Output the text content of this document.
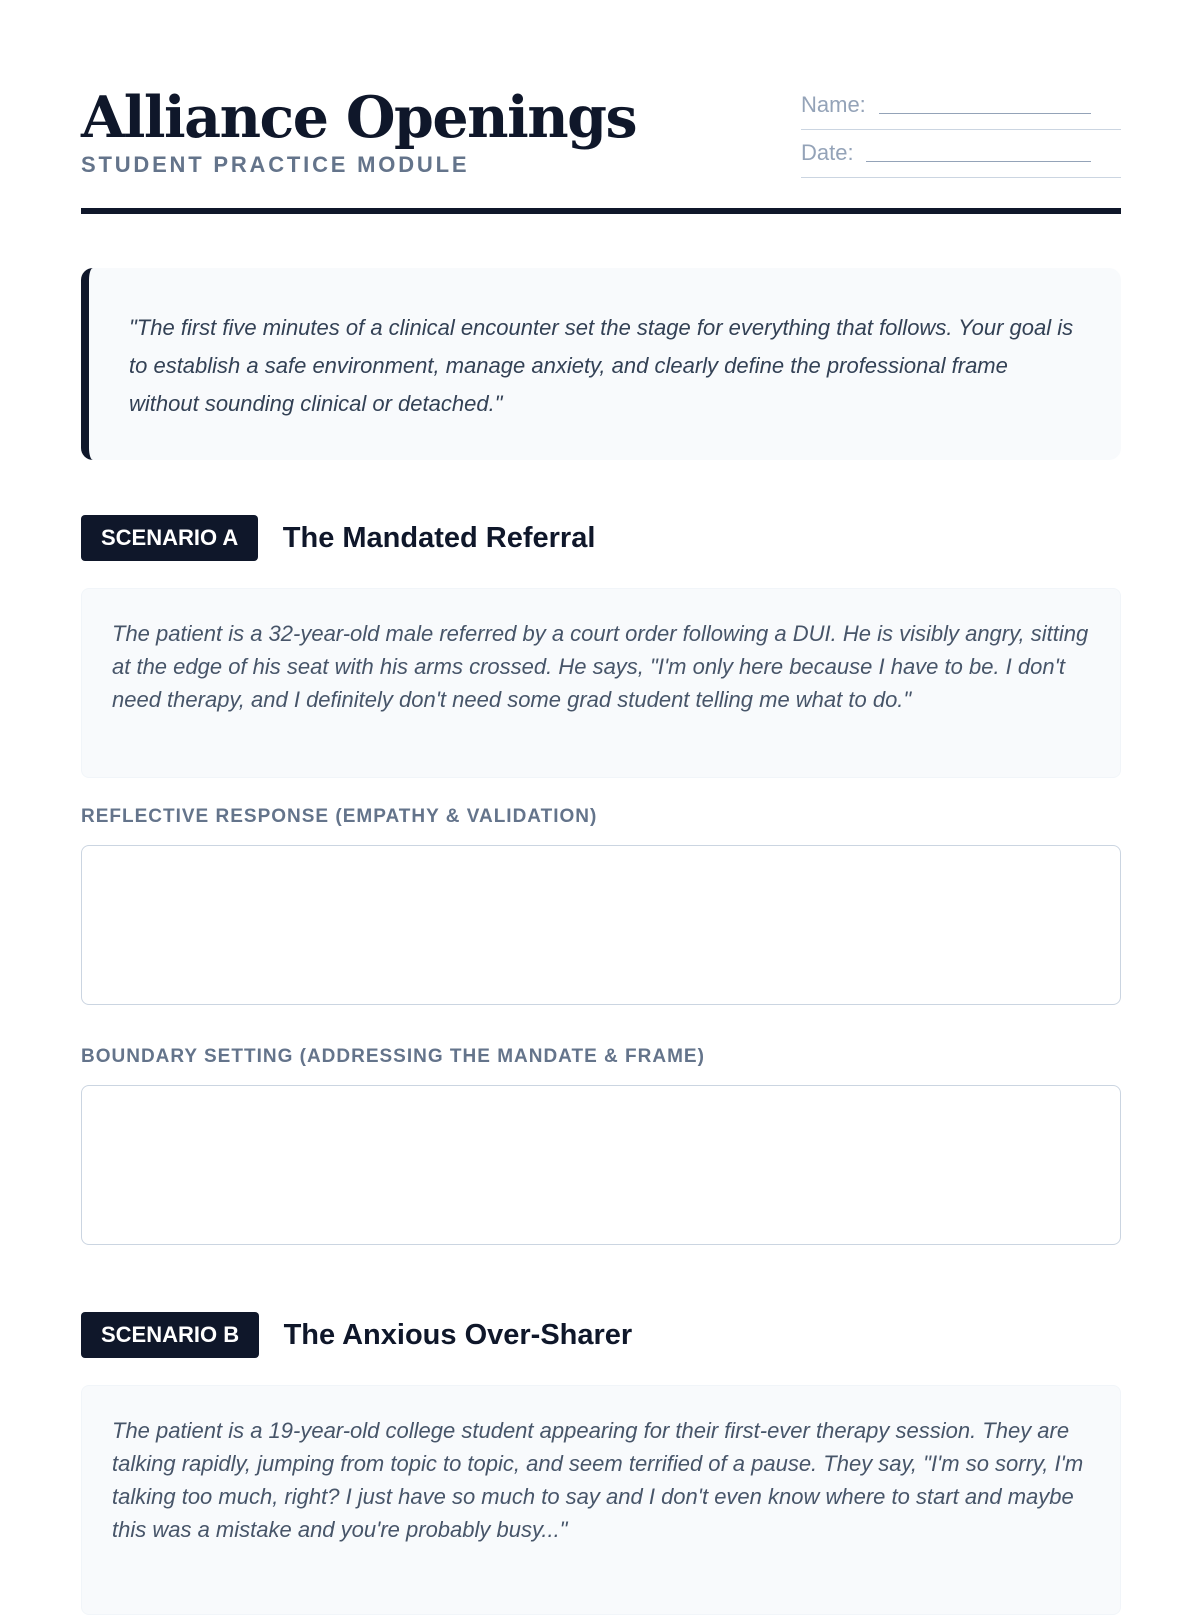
Alliance Openings
STUDENT PRACTICE MODULE
Name:
Date:

"The first five minutes of a clinical encounter set the stage for everything that follows. Your goal is to establish a safe environment, manage anxiety, and clearly define the professional frame without sounding clinical or detached."

SCENARIO A The Mandated Referral

The patient is a 32-year-old male referred by a court order following a DUI. He is visibly angry, sitting at the edge of his seat with his arms crossed. He says, "I'm only here because I have to be. I don't need therapy, and I definitely don't need some grad student telling me what to do."

REFLECTIVE RESPONSE (EMPATHY & VALIDATION)
BOUNDARY SETTING (ADDRESSING THE MANDATE & FRAME)
SCENARIO B The Anxious Over-Sharer

The patient is a 19-year-old college student appearing for their first-ever therapy session. They are talking rapidly, jumping from topic to topic, and seem terrified of a pause. They say, "I'm so sorry, I'm talking too much, right? I just have so much to say and I don't even know where to start and maybe this was a mistake and you're probably busy..."
